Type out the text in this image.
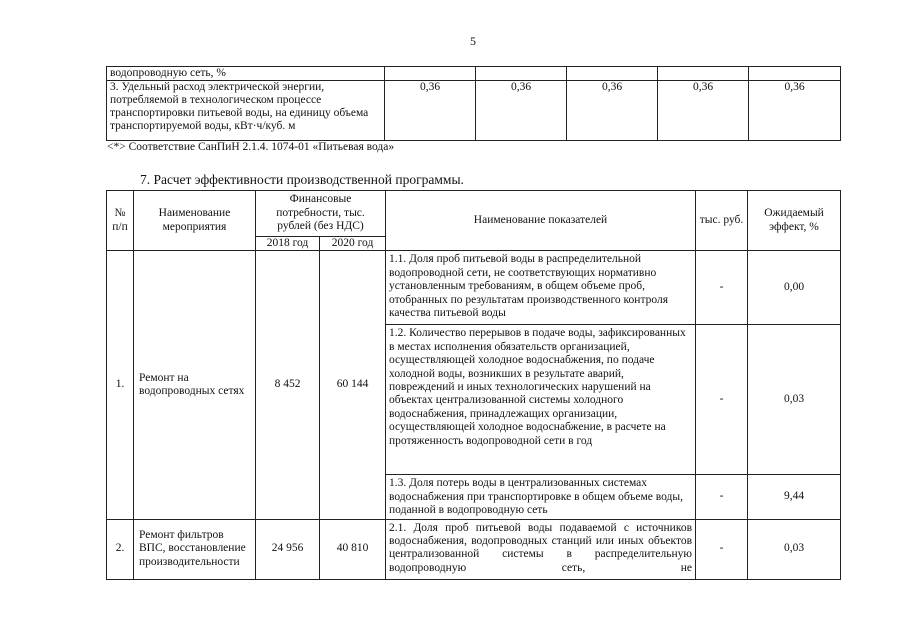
5
водопроводную сеть, %					
3. Удельный расход электрической энергии, потребляемой в технологическом процессе транспортировки питьевой воды, на единицу объема транспортируемой воды, кВт·ч/куб. м	0,36	0,36	0,36	0,36	0,36
<*> Соответствие СанПиН 2.1.4. 1074-01 «Питьевая вода»
7. Расчет эффективности производственной программы.
№ п/п	Наименование мероприятия	Финансовые потребности, тыс. рублей (без НДС)		Наименование показателей	тыс. руб.	Ожидаемый эффект, %
		2018 год	2020 год			
1.	Ремонт на водопроводных сетях	8 452	60 144	1.1. Доля проб питьевой воды в распределительной водопроводной сети, не соответствующих нормативно установленным требованиям, в общем объеме проб, отобранных по результатам производственного контроля качества питьевой воды	-	0,00
				1.2. Количество перерывов в подаче воды, зафиксированных в местах исполнения обязательств организацией, осуществляющей холодное водоснабжения, по подаче холодной воды, возникших в результате аварий, повреждений и иных технологических нарушений на объектах централизованной системы холодного водоснабжения, принадлежащих организации, осуществляющей холодное водоснабжение, в расчете на протяженность водопроводной сети в год	-	0,03
				1.3. Доля потерь воды в централизованных системах водоснабжения при транспортировке в общем объеме воды, поданной в водопроводную сеть	-	9,44
2.	Ремонт фильтров ВПС, восстановление производительности	24 956	40 810	2.1. Доля проб питьевой воды подаваемой с источников водоснабжения, водопроводных станций или иных объектов централизованной системы в распределительную водопроводную сеть, не	-	0,03
